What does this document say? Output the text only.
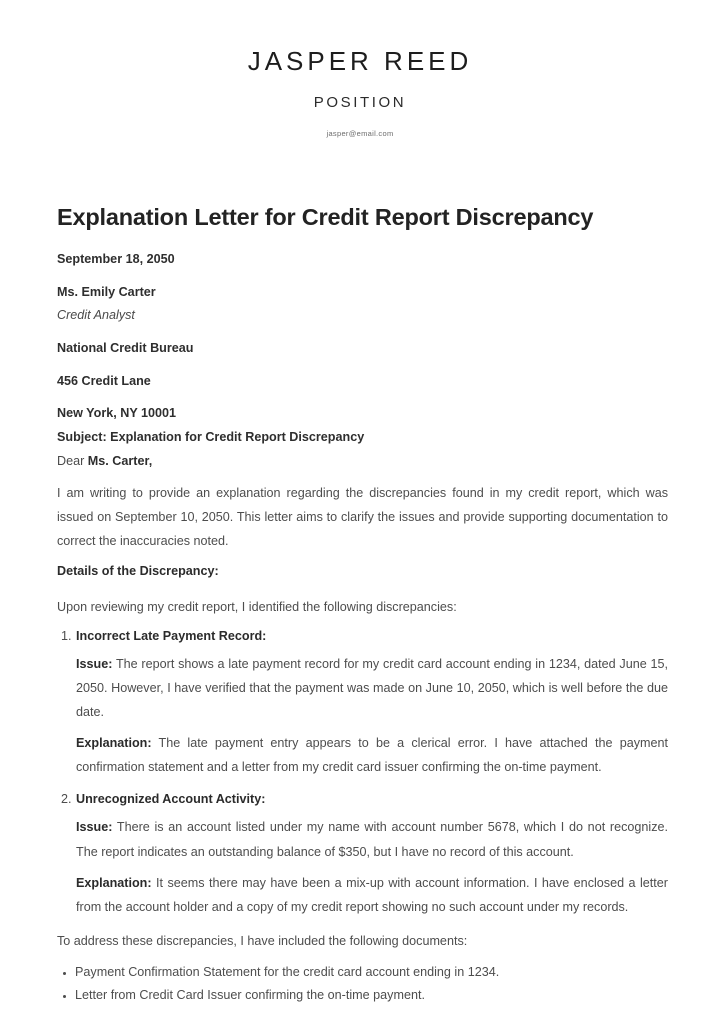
JASPER REED
POSITION
jasper@email.com
Explanation Letter for Credit Report Discrepancy
September 18, 2050
Ms. Emily Carter
Credit Analyst
National Credit Bureau
456 Credit Lane
New York, NY 10001
Subject: Explanation for Credit Report Discrepancy
Dear Ms. Carter,

I am writing to provide an explanation regarding the discrepancies found in my credit report, which was issued on September 10, 2050. This letter aims to clarify the issues and provide supporting documentation to correct the inaccuracies noted.

Details of the Discrepancy:

Upon reviewing my credit report, I identified the following discrepancies:

1. Incorrect Late Payment Record:
Issue: The report shows a late payment record for my credit card account ending in 1234, dated June 15, 2050. However, I have verified that the payment was made on June 10, 2050, which is well before the due date.
Explanation: The late payment entry appears to be a clerical error. I have attached the payment confirmation statement and a letter from my credit card issuer confirming the on-time payment.
2. Unrecognized Account Activity:
Issue: There is an account listed under my name with account number 5678, which I do not recognize. The report indicates an outstanding balance of $350, but I have no record of this account.
Explanation: It seems there may have been a mix-up with account information. I have enclosed a letter from the account holder and a copy of my credit report showing no such account under my records.

To address these discrepancies, I have included the following documents:

• Payment Confirmation Statement for the credit card account ending in 1234.
• Letter from Credit Card Issuer confirming the on-time payment.
